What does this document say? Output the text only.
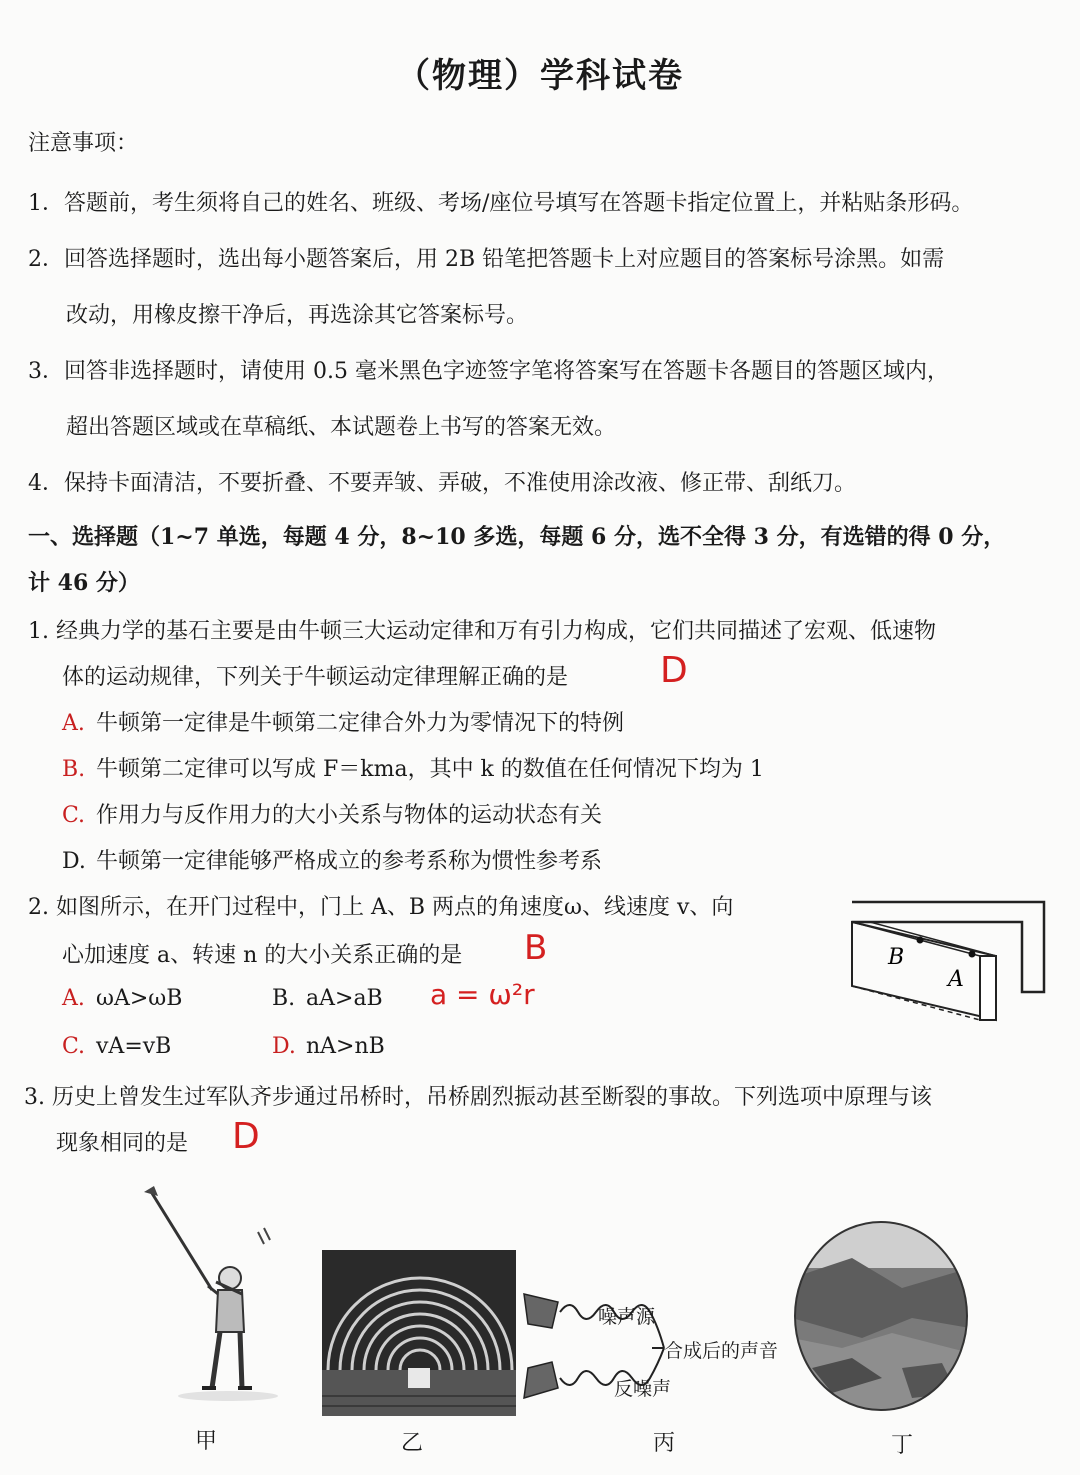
（物理）学科试卷
注意事项：
1．答题前，考生须将自己的姓名、班级、考场/座位号填写在答题卡指定位置上，并粘贴条形码。
2．回答选择题时，选出每小题答案后，用 2B 铅笔把答题卡上对应题目的答案标号涂黑。如需
改动，用橡皮擦干净后，再选涂其它答案标号。
3．回答非选择题时，请使用 0.5 毫米黑色字迹签字笔将答案写在答题卡各题目的答题区域内，
超出答题区域或在草稿纸、本试题卷上书写的答案无效。
4．保持卡面清洁，不要折叠、不要弄皱、弄破，不准使用涂改液、修正带、刮纸刀。
一、选择题（1~7 单选，每题 4 分，8~10 多选，每题 6 分，选不全得 3 分，有选错的得 0 分，
计 46 分）
1. 经典力学的基石主要是由牛顿三大运动定律和万有引力构成，它们共同描述了宏观、低速物
体的运动规律，下列关于牛顿运动定律理解正确的是	D
A. 牛顿第一定律是牛顿第二定律合外力为零情况下的特例
B. 牛顿第二定律可以写成 F＝kma，其中 k 的数值在任何情况下均为 1
C. 作用力与反作用力的大小关系与物体的运动状态有关
D. 牛顿第一定律能够严格成立的参考系称为惯性参考系
2. 如图所示，在开门过程中，门上 A、B 两点的角速度ω、线速度 v、向
心加速度 a、转速 n 的大小关系正确的是 B
A. ωA>ωB	B. aA>aB a = ω²r
C. vA=vB	D. nA>nB
B
A
3. 历史上曾发生过军队齐步通过吊桥时，吊桥剧烈振动甚至断裂的事故。下列选项中原理与该
现象相同的是 D
甲	乙
噪声源
合成后的声音
反噪声
丙	丁
